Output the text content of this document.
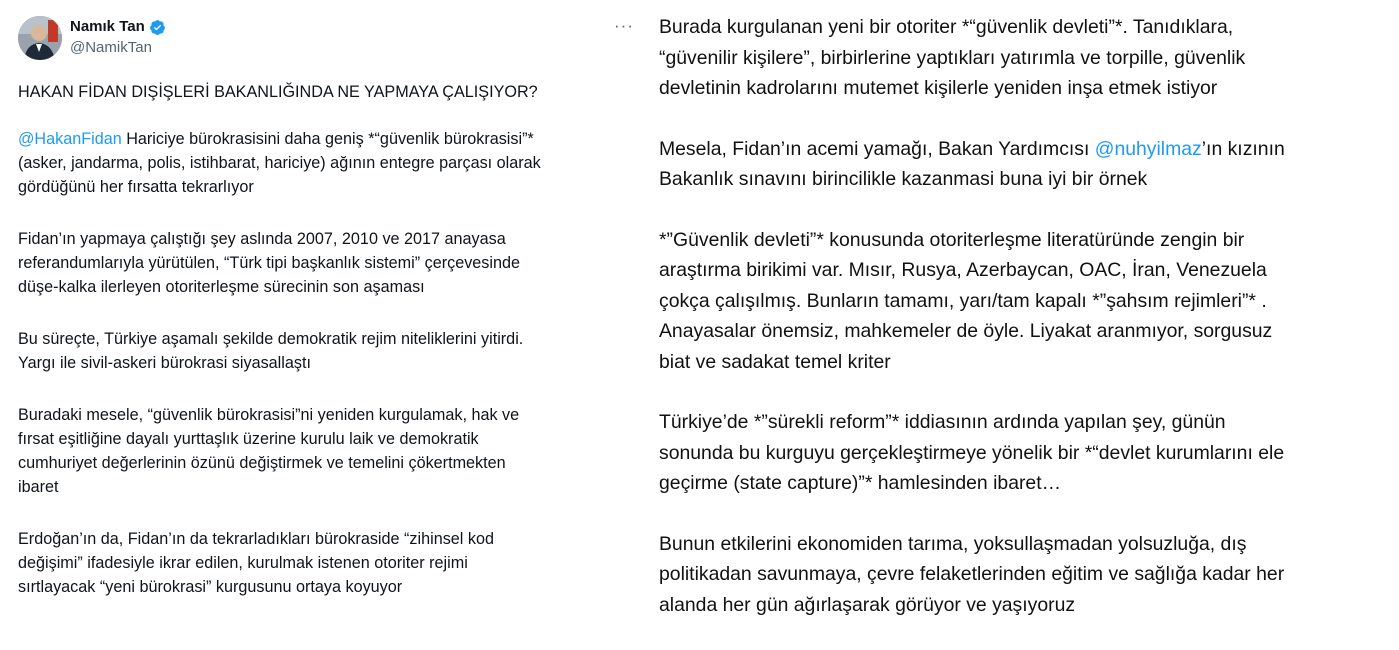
Namık Tan
@NamikTan
···

HAKAN FİDAN DIŞİŞLERİ BAKANLIĞINDA NE YAPMAYA ÇALIŞIYOR?

@HakanFidan Hariciye bürokrasisini daha geniş *“güvenlik bürokrasisi”*
(asker, jandarma, polis, istihbarat, hariciye) ağının entegre parçası olarak
gördüğünü her fırsatta tekrarlıyor

Fidan’ın yapmaya çalıştığı şey aslında 2007, 2010 ve 2017 anayasa
referandumlarıyla yürütülen, “Türk tipi başkanlık sistemi” çerçevesinde
düşe-kalka ilerleyen otoriterleşme sürecinin son aşaması

Bu süreçte, Türkiye aşamalı şekilde demokratik rejim niteliklerini yitirdi.
Yargı ile sivil-askeri bürokrasi siyasallaştı

Buradaki mesele, “güvenlik bürokrasisi”ni yeniden kurgulamak, hak ve
fırsat eşitliğine dayalı yurttaşlık üzerine kurulu laik ve demokratik
cumhuriyet değerlerinin özünü değiştirmek ve temelini çökertmekten
ibaret

Erdoğan’ın da, Fidan’ın da tekrarladıkları bürokraside “zihinsel kod
değişimi” ifadesiyle ikrar edilen, kurulmak istenen otoriter rejimi
sırtlayacak “yeni bürokrasi” kurgusunu ortaya koyuyor

Burada kurgulanan yeni bir otoriter *“güvenlik devleti”*. Tanıdıklara,
“güvenilir kişilere”, birbirlerine yaptıkları yatırımla ve torpille, güvenlik
devletinin kadrolarını mutemet kişilerle yeniden inşa etmek istiyor

Mesela, Fidan’ın acemi yamağı, Bakan Yardımcısı @nuhyilmaz’ın kızının
Bakanlık sınavını birincilikle kazanmasi buna iyi bir örnek

*”Güvenlik devleti”* konusunda otoriterleşme literatüründe zengin bir
araştırma birikimi var. Mısır, Rusya, Azerbaycan, OAC, İran, Venezuela
çokça çalışılmış. Bunların tamamı, yarı/tam kapalı *”şahsım rejimleri”* .
Anayasalar önemsiz, mahkemeler de öyle. Liyakat aranmıyor, sorgusuz
biat ve sadakat temel kriter

Türkiye’de *”sürekli reform”* iddiasının ardında yapılan şey, günün
sonunda bu kurguyu gerçekleştirmeye yönelik bir *“devlet kurumlarını ele
geçirme (state capture)”* hamlesinden ibaret…

Bunun etkilerini ekonomiden tarıma, yoksullaşmadan yolsuzluğa, dış
politikadan savunmaya, çevre felaketlerinden eğitim ve sağlığa kadar her
alanda her gün ağırlaşarak görüyor ve yaşıyoruz
